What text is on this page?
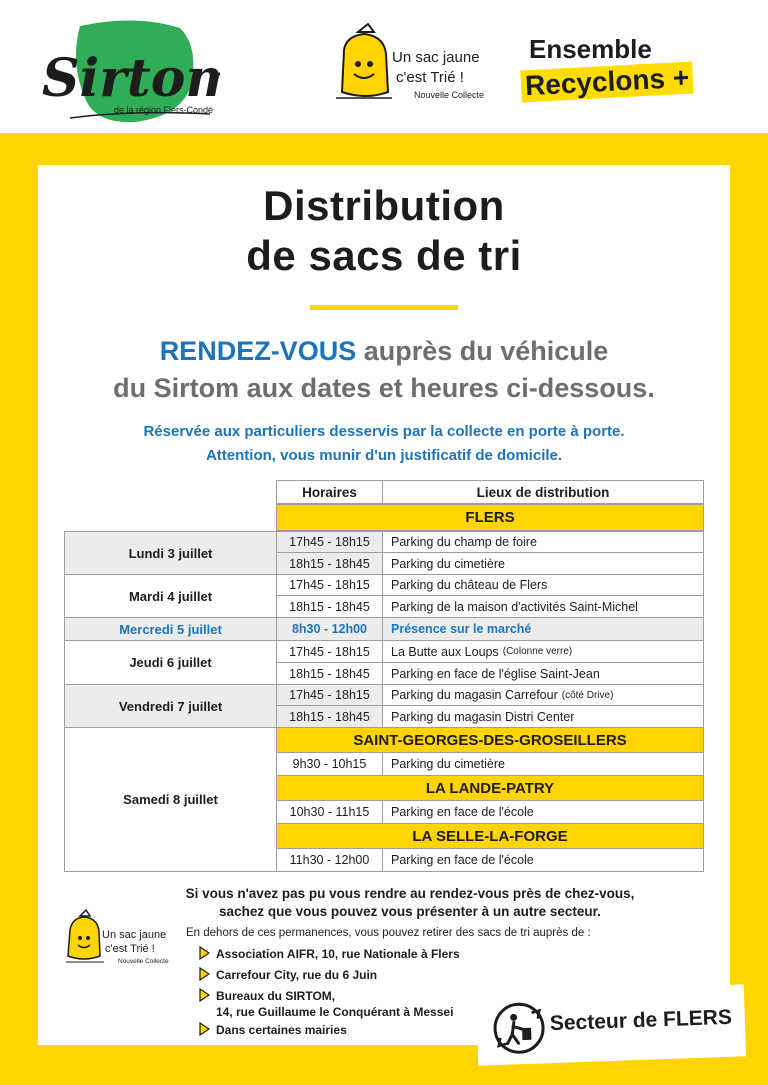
Sirto
de la région Flers-Condé
Un sac jaune
c'est Trié !
Nouvelle Collecte
Ensemble
Recyclons +
Distribution
de sacs de tri
RENDEZ-VOUS auprès du véhicule
du Sirtom aux dates et heures ci-dessous.
Réservée aux particuliers desservis par la collecte en porte à porte.
Attention, vous munir d'un justificatif de domicile.
Horaires	Lieux de distribution
FLERS
Lundi 3 juillet
17h45 - 18h15	Parking du champ de foire
18h15 - 18h45	Parking du cimetière
Mardi 4 juillet
17h45 - 18h15	Parking du château de Flers
18h15 - 18h45	Parking de la maison d'activités Saint-Michel
Mercredi 5 juillet	8h30 - 12h00	Présence sur le marché
Jeudi 6 juillet
17h45 - 18h15	La Butte aux Loups (Colonne verre)
18h15 - 18h45	Parking en face de l'église Saint-Jean
Vendredi 7 juillet
17h45 - 18h15	Parking du magasin Carrefour (côté Drive)
18h15 - 18h45	Parking du magasin Distri Center
Samedi 8 juillet
SAINT-GEORGES-DES-GROSEILLERS
9h30 - 10h15	Parking du cimetière
LA LANDE-PATRY
10h30 - 11h15	Parking en face de l'école
LA SELLE-LA-FORGE
11h30 - 12h00	Parking en face de l'école
Si vous n'avez pas pu vous rendre au rendez-vous près de chez-vous,
sachez que vous pouvez vous présenter à un autre secteur.
Un sac jaune
c'est Trié !
Nouvelle Collecte
En dehors de ces permanences, vous pouvez retirer des sacs de tri auprès de :
Association AIFR, 10, rue Nationale à Flers
Carrefour City, rue du 6 Juin
Bureaux du SIRTOM,
14, rue Guillaume le Conquérant à Messei
Dans certaines mairies	Secteur de FLERS
